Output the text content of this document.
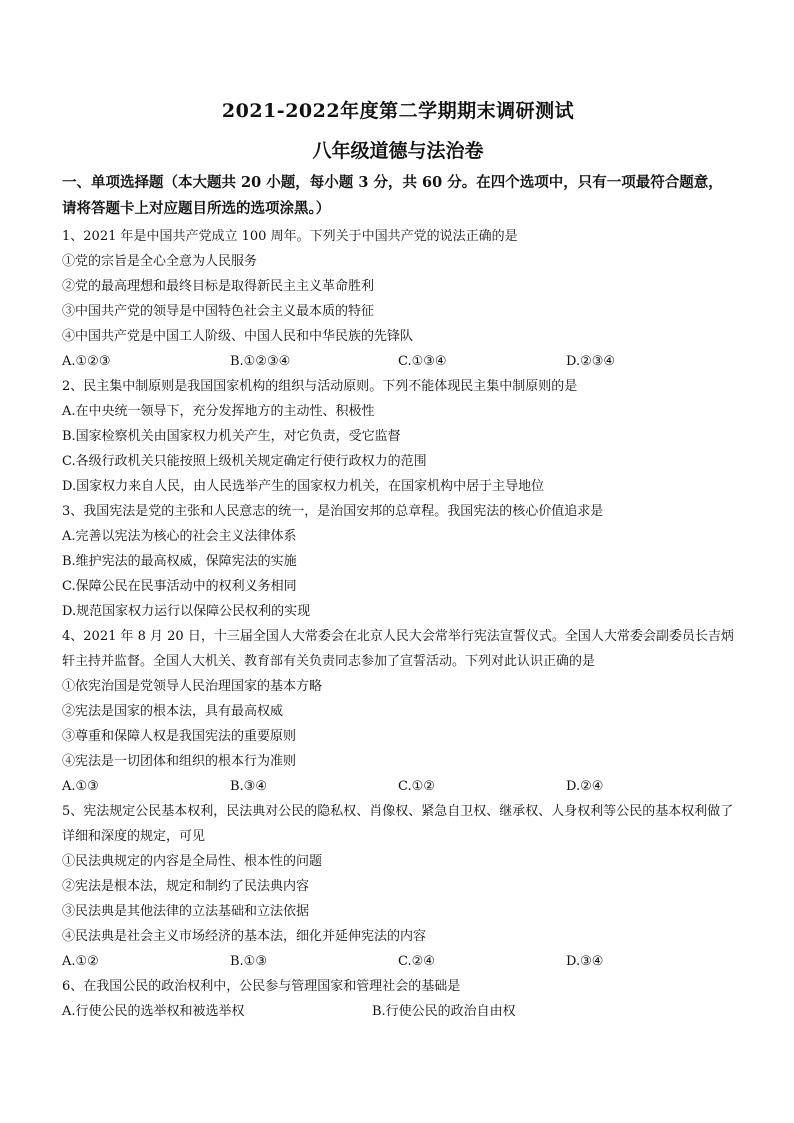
2021-2022年度第二学期期末调研测试
八年级道德与法治卷
一、单项选择题（本大题共 20 小题，每小题 3 分，共 60 分。在四个选项中，只有一项最符合题意，请将答题卡上对应题目所选的选项涂黑。）
1、2021 年是中国共产党成立 100 周年。下列关于中国共产党的说法正确的是
①党的宗旨是全心全意为人民服务
②党的最高理想和最终目标是取得新民主主义革命胜利
③中国共产党的领导是中国特色社会主义最本质的特征
④中国共产党是中国工人阶级、中国人民和中华民族的先锋队
A.①②③	B.①②③④	C.①③④	D.②③④
2、民主集中制原则是我国国家机构的组织与活动原则。下列不能体现民主集中制原则的是
A.在中央统一领导下，充分发挥地方的主动性、积极性
B.国家检察机关由国家权力机关产生，对它负责，受它监督
C.各级行政机关只能按照上级机关规定确定行使行政权力的范围
D.国家权力来自人民，由人民选举产生的国家权力机关，在国家机构中居于主导地位
3、我国宪法是党的主张和人民意志的统一，是治国安邦的总章程。我国宪法的核心价值追求是
A.完善以宪法为核心的社会主义法律体系
B.维护宪法的最高权威，保障宪法的实施
C.保障公民在民事活动中的权利义务相同
D.规范国家权力运行以保障公民权利的实现
4、2021 年 8 月 20 日，十三届全国人大常委会在北京人民大会常举行宪法宣誓仪式。全国人大常委会副委员长吉炳轩主持并监督。全国人大机关、教育部有关负责同志参加了宣誓活动。下列对此认识正确的是
①依宪治国是党领导人民治理国家的基本方略
②宪法是国家的根本法，具有最高权威
③尊重和保障人权是我国宪法的重要原则
④宪法是一切团体和组织的根本行为准则
A.①③	B.③④	C.①②	D.②④
5、宪法规定公民基本权利，民法典对公民的隐私权、肖像权、紧急自卫权、继承权、人身权利等公民的基本权利做了详细和深度的规定，可见
①民法典规定的内容是全局性、根本性的问题
②宪法是根本法，规定和制约了民法典内容
③民法典是其他法律的立法基础和立法依据
④民法典是社会主义市场经济的基本法，细化并延伸宪法的内容
A.①②	B.①③	C.②④	D.③④
6、在我国公民的政治权利中，公民参与管理国家和管理社会的基础是
A.行使公民的选举权和被选举权	B.行使公民的政治自由权
